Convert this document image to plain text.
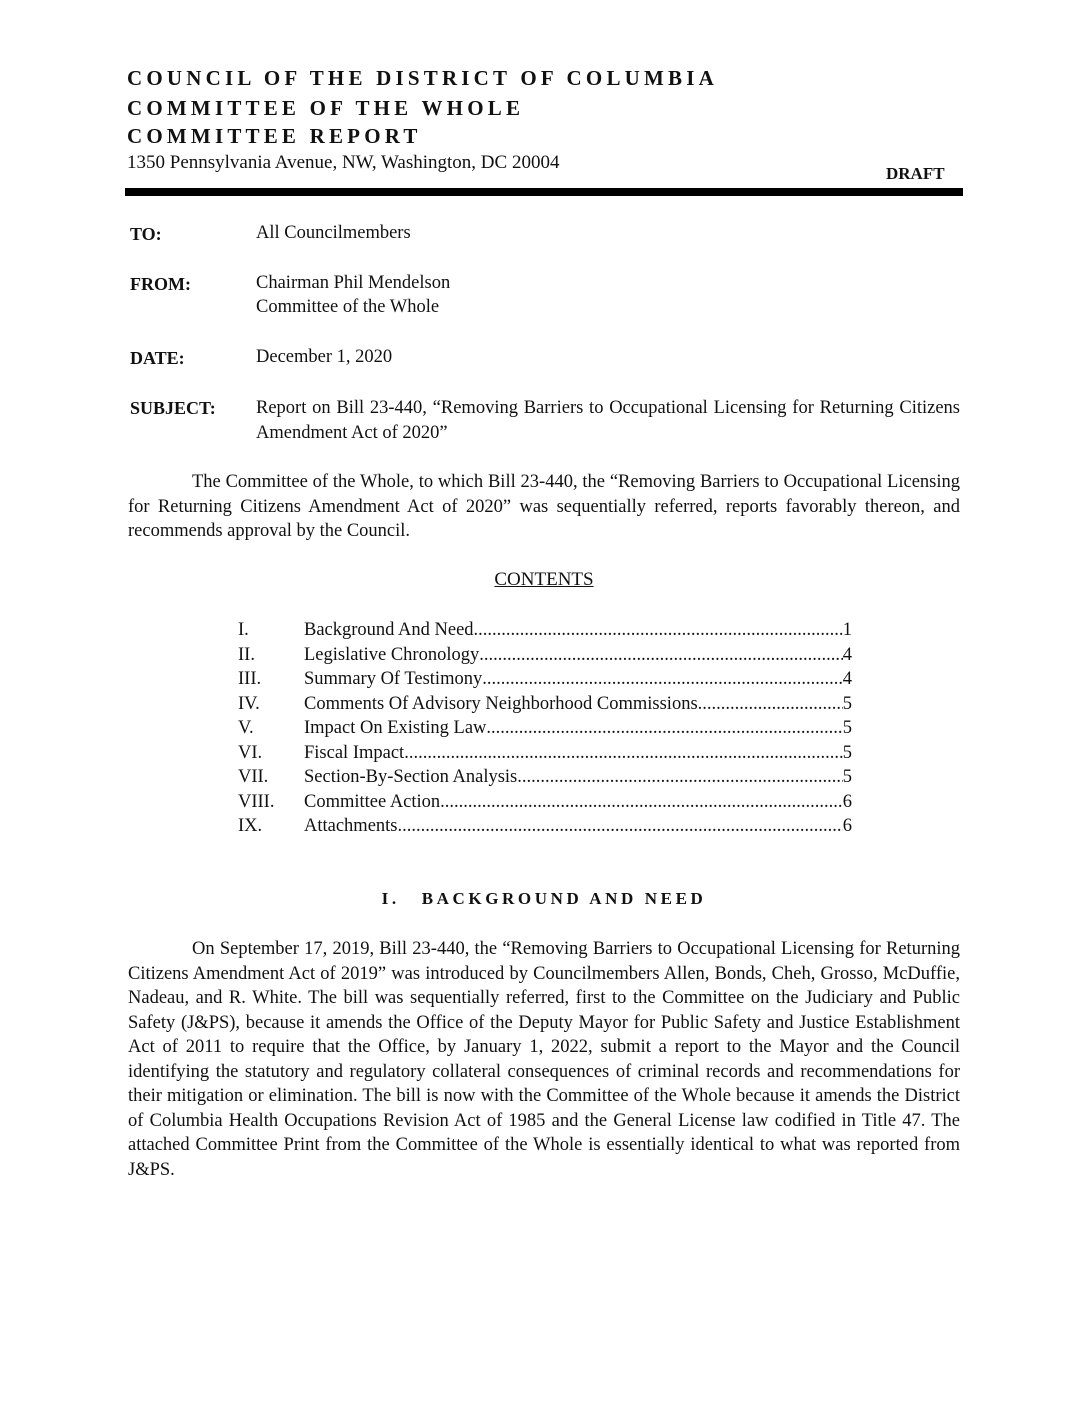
COUNCIL OF THE DISTRICT OF COLUMBIA
COMMITTEE OF THE WHOLE
COMMITTEE REPORT
1350 Pennsylvania Avenue, NW, Washington, DC 20004
DRAFT
TO:	All Councilmembers
FROM:	Chairman Phil Mendelson
Committee of the Whole
DATE:	December 1, 2020
SUBJECT: Report on Bill 23-440, “Removing Barriers to Occupational Licensing for Returning Citizens Amendment Act of 2020”
The Committee of the Whole, to which Bill 23-440, the “Removing Barriers to Occupational Licensing for Returning Citizens Amendment Act of 2020” was sequentially referred, reports favorably thereon, and recommends approval by the Council.
CONTENTS
I.	Background And Need .....	1
II.	Legislative Chronology .....	4
III.	Summary Of Testimony .....	4
IV.	Comments Of Advisory Neighborhood Commissions .....	5
V.	Impact On Existing Law .....	5
VI.	Fiscal Impact .....	5
VII.	Section-By-Section Analysis .....	5
VIII.	Committee Action .....	6
IX.	Attachments .....	6
I. BACKGROUND AND NEED
On September 17, 2019, Bill 23-440, the “Removing Barriers to Occupational Licensing for Returning Citizens Amendment Act of 2019” was introduced by Councilmembers Allen, Bonds, Cheh, Grosso, McDuffie, Nadeau, and R. White. The bill was sequentially referred, first to the Committee on the Judiciary and Public Safety (J&PS), because it amends the Office of the Deputy Mayor for Public Safety and Justice Establishment Act of 2011 to require that the Office, by January 1, 2022, submit a report to the Mayor and the Council identifying the statutory and regulatory collateral consequences of criminal records and recommendations for their mitigation or elimination. The bill is now with the Committee of the Whole because it amends the District of Columbia Health Occupations Revision Act of 1985 and the General License law codified in Title 47. The attached Committee Print from the Committee of the Whole is essentially identical to what was reported from J&PS.
